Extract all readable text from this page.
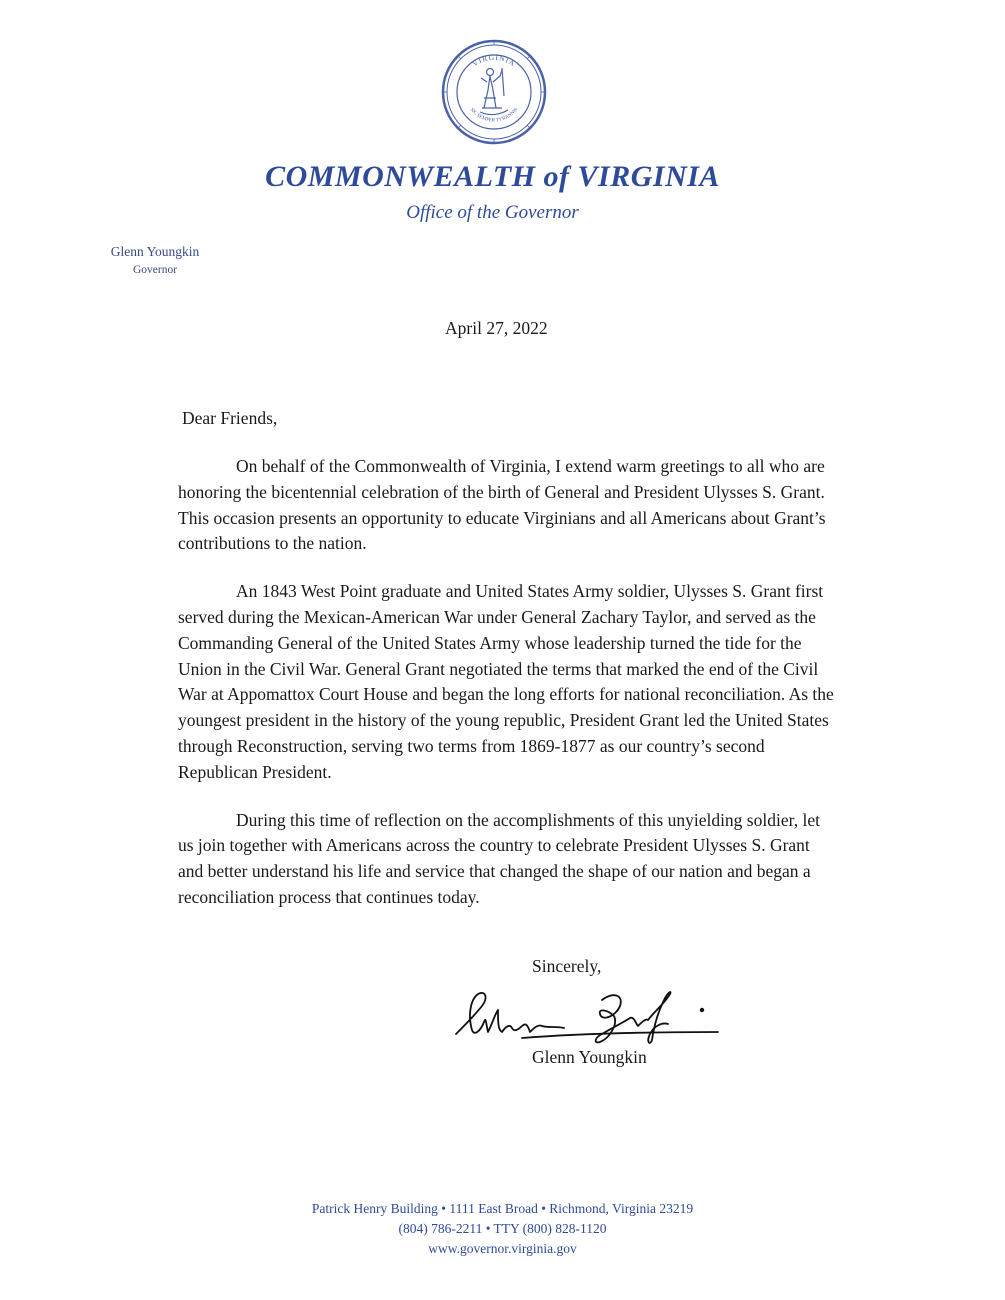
VIRGINIA
SIC SEMPER TYRANNIS
COMMONWEALTH of VIRGINIA
Office of the Governor
Glenn Youngkin
Governor
April 27, 2022
Dear Friends,

On behalf of the Commonwealth of Virginia, I extend warm greetings to all who are honoring the bicentennial celebration of the birth of General and President Ulysses S. Grant. This occasion presents an opportunity to educate Virginians and all Americans about Grant’s contributions to the nation.

An 1843 West Point graduate and United States Army soldier, Ulysses S. Grant first served during the Mexican-American War under General Zachary Taylor, and served as the Commanding General of the United States Army whose leadership turned the tide for the Union in the Civil War. General Grant negotiated the terms that marked the end of the Civil War at Appomattox Court House and began the long efforts for national reconciliation. As the youngest president in the history of the young republic, President Grant led the United States through Reconstruction, serving two terms from 1869-1877 as our country’s second Republican President.

During this time of reflection on the accomplishments of this unyielding soldier, let us join together with Americans across the country to celebrate President Ulysses S. Grant and better understand his life and service that changed the shape of our nation and began a reconciliation process that continues today.

Sincerely,
Glenn Youngkin
Patrick Henry Building • 1111 East Broad • Richmond, Virginia 23219
(804) 786-2211 • TTY (800) 828-1120
www.governor.virginia.gov
